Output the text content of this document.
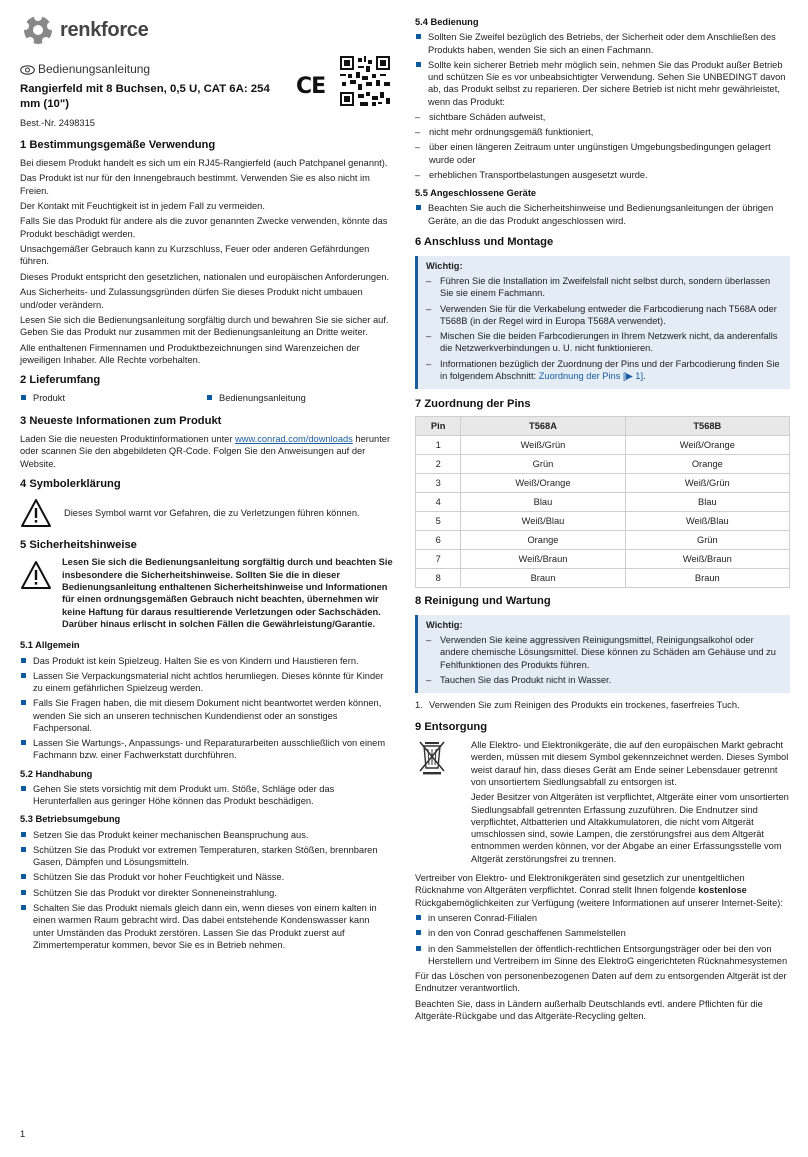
renkforce
Bedienungsanleitung
Rangierfeld mit 8 Buchsen, 0,5 U, CAT 6A: 254 mm (10")
Best.-Nr. 2498315
CE
1 Bestimmungsgemäße Verwendung

Bei diesem Produkt handelt es sich um ein RJ45-Rangierfeld (auch Patchpanel genannt).

Das Produkt ist nur für den Innengebrauch bestimmt. Verwenden Sie es also nicht im Freien.

Der Kontakt mit Feuchtigkeit ist in jedem Fall zu vermeiden.

Falls Sie das Produkt für andere als die zuvor genannten Zwecke verwenden, könnte das Produkt beschädigt werden.

Unsachgemäßer Gebrauch kann zu Kurzschluss, Feuer oder anderen Gefährdungen führen.

Dieses Produkt entspricht den gesetzlichen, nationalen und europäischen Anforderungen.

Aus Sicherheits- und Zulassungsgründen dürfen Sie dieses Produkt nicht umbauen und/oder verändern.

Lesen Sie sich die Bedienungsanleitung sorgfältig durch und bewahren Sie sie sicher auf. Geben Sie das Produkt nur zusammen mit der Bedienungsanleitung an Dritte weiter.

Alle enthaltenen Firmennamen und Produktbezeichnungen sind Warenzeichen der jeweiligen Inhaber. Alle Rechte vorbehalten.

2 Lieferumfang
Produkt	Bedienungsanleitung
3 Neueste Informationen zum Produkt

Laden Sie die neuesten Produktinformationen unter www.conrad.com/downloads herunter oder scannen Sie den abgebildeten QR-Code. Folgen Sie den Anweisungen auf der Website.

4 Symbolerklärung
Dieses Symbol warnt vor Gefahren, die zu Verletzungen führen können.
5 Sicherheitshinweise

Lesen Sie sich die Bedienungsanleitung sorgfältig durch und beachten Sie insbesondere die Sicherheitshinweise. Sollten Sie die in dieser Bedienungsanleitung enthaltenen Sicherheitshinweise und Informationen für einen ordnungsgemäßen Gebrauch nicht beachten, übernehmen wir keine Haftung für daraus resultierende Verletzungen oder Sachschäden. Darüber hinaus erlischt in solchen Fällen die Gewährleistung/Garantie.

5.1 Allgemein
Das Produkt ist kein Spielzeug. Halten Sie es von Kindern und Haustieren fern.
Lassen Sie Verpackungsmaterial nicht achtlos herumliegen. Dieses könnte für Kinder zu einem gefährlichen Spielzeug werden.
Falls Sie Fragen haben, die mit diesem Dokument nicht beantwortet werden können, wenden Sie sich an unseren technischen Kundendienst oder an sonstiges Fachpersonal.
Lassen Sie Wartungs-, Anpassungs- und Reparaturarbeiten ausschließlich von einem Fachmann bzw. einer Fachwerkstatt durchführen.
5.2 Handhabung
Gehen Sie stets vorsichtig mit dem Produkt um. Stöße, Schläge oder das Herunterfallen aus geringer Höhe können das Produkt beschädigen.
5.3 Betriebsumgebung
Setzen Sie das Produkt keiner mechanischen Beanspruchung aus.
Schützen Sie das Produkt vor extremen Temperaturen, starken Stößen, brennbaren Gasen, Dämpfen und Lösungsmitteln.
Schützen Sie das Produkt vor hoher Feuchtigkeit und Nässe.
Schützen Sie das Produkt vor direkter Sonneneinstrahlung.
Schalten Sie das Produkt niemals gleich dann ein, wenn dieses von einem kalten in einen warmen Raum gebracht wird. Das dabei entstehende Kondenswasser kann unter Umständen das Produkt zerstören. Lassen Sie das Produkt zuerst auf Zimmertemperatur kommen, bevor Sie es in Betrieb nehmen.
5.4 Bedienung
Sollten Sie Zweifel bezüglich des Betriebs, der Sicherheit oder dem Anschließen des Produkts haben, wenden Sie sich an einen Fachmann.
Sollte kein sicherer Betrieb mehr möglich sein, nehmen Sie das Produkt außer Betrieb und schützen Sie es vor unbeabsichtigter Verwendung. Sehen Sie UNBEDINGT davon ab, das Produkt selbst zu reparieren. Der sichere Betrieb ist nicht mehr gewährleistet, wenn das Produkt:
– sichtbare Schäden aufweist,
– nicht mehr ordnungsgemäß funktioniert,
– über einen längeren Zeitraum unter ungünstigen Umgebungsbedingungen gelagert wurde oder
– erheblichen Transportbelastungen ausgesetzt wurde.
5.5 Angeschlossene Geräte
Beachten Sie auch die Sicherheitshinweise und Bedienungsanleitungen der übrigen Geräte, an die das Produkt angeschlossen wird.
6 Anschluss und Montage
Wichtig:
– Führen Sie die Installation im Zweifelsfall nicht selbst durch, sondern überlassen Sie sie einem Fachmann.
– Verwenden Sie für die Verkabelung entweder die Farbcodierung nach T568A oder T568B (in der Regel wird in Europa T568A verwendet).
– Mischen Sie die beiden Farbcodierungen in Ihrem Netzwerk nicht, da anderenfalls die Netzwerkverbindungen u. U. nicht funktionieren.
– Informationen bezüglich der Zuordnung der Pins und der Farbcodierung finden Sie in folgendem Abschnitt: Zuordnung der Pins [▶ 1].
7 Zuordnung der Pins
Pin	T568A	T568B
1	Weiß/Grün	Weiß/Orange
2	Grün	Orange
3	Weiß/Orange	Weiß/Grün
4	Blau	Blau
5	Weiß/Blau	Weiß/Blau
6	Orange	Grün
7	Weiß/Braun	Weiß/Braun
8	Braun	Braun
8 Reinigung und Wartung
Wichtig:
– Verwenden Sie keine aggressiven Reinigungsmittel, Reinigungsalkohol oder andere chemische Lösungsmittel. Diese können zu Schäden am Gehäuse und zu Fehlfunktionen des Produkts führen.
– Tauchen Sie das Produkt nicht in Wasser.
1. Verwenden Sie zum Reinigen des Produkts ein trockenes, faserfreies Tuch.
9 Entsorgung

Alle Elektro- und Elektronikgeräte, die auf den europäischen Markt gebracht werden, müssen mit diesem Symbol gekennzeichnet werden. Dieses Symbol weist darauf hin, dass dieses Gerät am Ende seiner Lebensdauer getrennt von unsortiertem Siedlungsabfall zu entsorgen ist.

Jeder Besitzer von Altgeräten ist verpflichtet, Altgeräte einer vom unsortierten Siedlungsabfall getrennten Erfassung zuzuführen. Die Endnutzer sind verpflichtet, Altbatterien und Altakkumulatoren, die nicht vom Altgerät umschlossen sind, sowie Lampen, die zerstörungsfrei aus dem Altgerät entnommen werden können, vor der Abgabe an einer Erfassungsstelle vom Altgerät zerstörungsfrei zu trennen.

Vertreiber von Elektro- und Elektronikgeräten sind gesetzlich zur unentgeltlichen Rücknahme von Altgeräten verpflichtet. Conrad stellt Ihnen folgende kostenlose Rückgabemöglichkeiten zur Verfügung (weitere Informationen auf unserer Internet-Seite):

in unseren Conrad-Filialen
in den von Conrad geschaffenen Sammelstellen
in den Sammelstellen der öffentlich-rechtlichen Entsorgungsträger oder bei den von Herstellern und Vertreibern im Sinne des ElektroG eingerichteten Rücknahmesystemen

Für das Löschen von personenbezogenen Daten auf dem zu entsorgenden Altgerät ist der Endnutzer verantwortlich.

Beachten Sie, dass in Ländern außerhalb Deutschlands evtl. andere Pflichten für die Altgeräte-Rückgabe und das Altgeräte-Recycling gelten.

1
